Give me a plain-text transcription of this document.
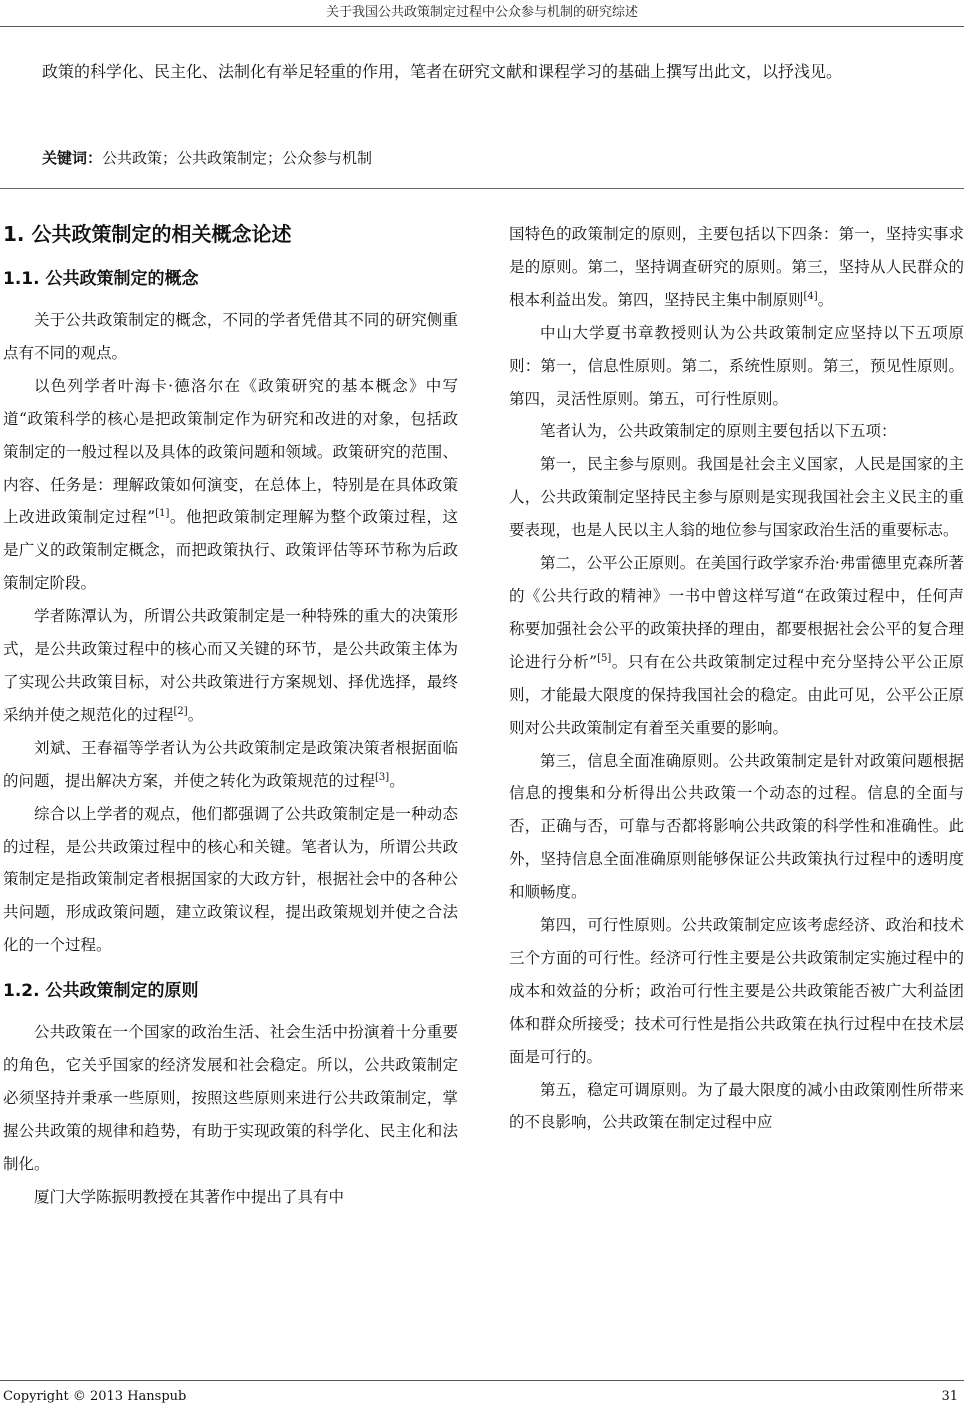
关于我国公共政策制定过程中公众参与机制的研究综述

政策的科学化、民主化、法制化有举足轻重的作用，笔者在研究文献和课程学习的基础上撰写出此文，以抒浅见。

关键词：公共政策；公共政策制定；公众参与机制

1. 公共政策制定的相关概念论述
1.1. 公共政策制定的概念

关于公共政策制定的概念，不同的学者凭借其不同的研究侧重点有不同的观点。

以色列学者叶海卡·德洛尔在《政策研究的基本概念》中写道“政策科学的核心是把政策制定作为研究和改进的对象，包括政策制定的一般过程以及具体的政策问题和领域。政策研究的范围、内容、任务是：理解政策如何演变，在总体上，特别是在具体政策上改进政策制定过程”[1]。他把政策制定理解为整个政策过程，这是广义的政策制定概念，而把政策执行、政策评估等环节称为后政策制定阶段。

学者陈潭认为，所谓公共政策制定是一种特殊的重大的决策形式，是公共政策过程中的核心而又关键的环节，是公共政策主体为了实现公共政策目标，对公共政策进行方案规划、择优选择，最终采纳并使之规范化的过程[2]。

刘斌、王春福等学者认为公共政策制定是政策决策者根据面临的问题，提出解决方案，并使之转化为政策规范的过程[3]。

综合以上学者的观点，他们都强调了公共政策制定是一种动态的过程，是公共政策过程中的核心和关键。笔者认为，所谓公共政策制定是指政策制定者根据国家的大政方针，根据社会中的各种公共问题，形成政策问题，建立政策议程，提出政策规划并使之合法化的一个过程。

1.2. 公共政策制定的原则

公共政策在一个国家的政治生活、社会生活中扮演着十分重要的角色，它关乎国家的经济发展和社会稳定。所以，公共政策制定必须坚持并秉承一些原则，按照这些原则来进行公共政策制定，掌握公共政策的规律和趋势，有助于实现政策的科学化、民主化和法制化。

厦门大学陈振明教授在其著作中提出了具有中

国特色的政策制定的原则，主要包括以下四条：第一，坚持实事求是的原则。第二，坚持调查研究的原则。第三，坚持从人民群众的根本利益出发。第四，坚持民主集中制原则[4]。

中山大学夏书章教授则认为公共政策制定应坚持以下五项原则：第一，信息性原则。第二，系统性原则。第三，预见性原则。第四，灵活性原则。第五，可行性原则。

笔者认为，公共政策制定的原则主要包括以下五项：

第一，民主参与原则。我国是社会主义国家，人民是国家的主人，公共政策制定坚持民主参与原则是实现我国社会主义民主的重要表现，也是人民以主人翁的地位参与国家政治生活的重要标志。

第二，公平公正原则。在美国行政学家乔治·弗雷德里克森所著的《公共行政的精神》一书中曾这样写道“在政策过程中，任何声称要加强社会公平的政策抉择的理由，都要根据社会公平的复合理论进行分析”[5]。只有在公共政策制定过程中充分坚持公平公正原则，才能最大限度的保持我国社会的稳定。由此可见，公平公正原则对公共政策制定有着至关重要的影响。

第三，信息全面准确原则。公共政策制定是针对政策问题根据信息的搜集和分析得出公共政策一个动态的过程。信息的全面与否，正确与否，可靠与否都将影响公共政策的科学性和准确性。此外，坚持信息全面准确原则能够保证公共政策执行过程中的透明度和顺畅度。

第四，可行性原则。公共政策制定应该考虑经济、政治和技术三个方面的可行性。经济可行性主要是公共政策制定实施过程中的成本和效益的分析；政治可行性主要是公共政策能否被广大利益团体和群众所接受；技术可行性是指公共政策在执行过程中在技术层面是可行的。

第五，稳定可调原则。为了最大限度的减小由政策刚性所带来的不良影响，公共政策在制定过程中应

Copyright © 2013 Hanspub	31
